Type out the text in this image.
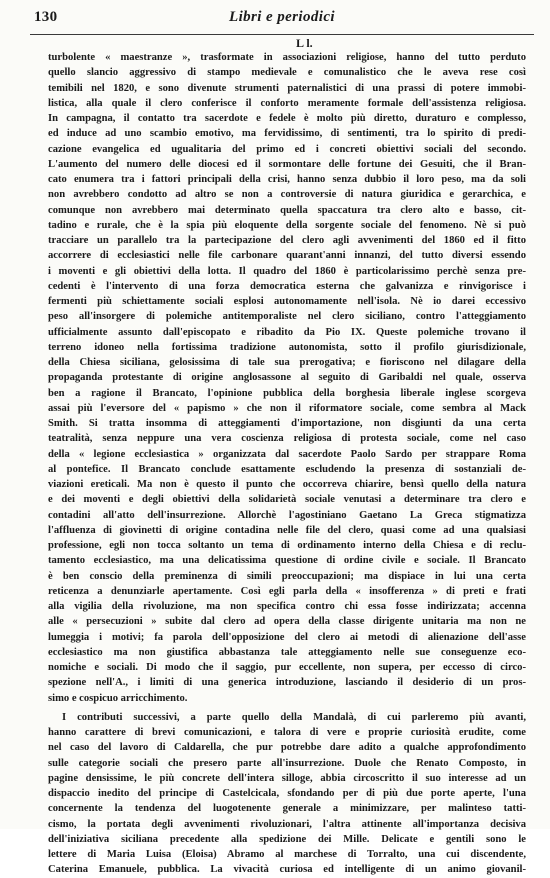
130	Libri e periodici
L l.
turbolente « maestranze », trasformate in associazioni religiose, hanno del tutto perduto
quello slancio aggressivo di stampo medievale e comunalistico che le aveva rese così
temibili nel 1820, e sono divenute strumenti paternalistici di una prassi di potere immobi-
listica, alla quale il clero conferisce il conforto meramente formale dell'assistenza religiosa.
In campagna, il contatto tra sacerdote e fedele è molto più diretto, duraturo e complesso,
ed induce ad uno scambio emotivo, ma fervidissimo, di sentimenti, tra lo spirito di predi-
cazione evangelica ed ugualitaria del primo ed i concreti obiettivi sociali del secondo.
L'aumento del numero delle diocesi ed il sormontare delle fortune dei Gesuiti, che il Bran-
cato enumera tra i fattori principali della crisi, hanno senza dubbio il loro peso, ma da soli
non avrebbero condotto ad altro se non a controversie di natura giuridica e gerarchica, e
comunque non avrebbero mai determinato quella spaccatura tra clero alto e basso, cit-
tadino e rurale, che è la spia più eloquente della sorgente sociale del fenomeno. Nè si può
tracciare un parallelo tra la partecipazione del clero agli avvenimenti del 1860 ed il fitto
accorrere di ecclesiastici nelle file carbonare quarant'anni innanzi, del tutto diversi essendo
i moventi e gli obiettivi della lotta. Il quadro del 1860 è particolarissimo perchè senza pre-
cedenti è l'intervento di una forza democratica esterna che galvanizza e rinvigorisce i
fermenti più schiettamente sociali esplosi autonomamente nell'isola. Nè io darei eccessivo
peso all'insorgere di polemiche antitemporaliste nel clero siciliano, contro l'atteggiamento
ufficialmente assunto dall'episcopato e ribadito da Pio IX. Queste polemiche trovano il
terreno idoneo nella fortissima tradizione autonomista, sotto il profilo giurisdizionale,
della Chiesa siciliana, gelosissima di tale sua prerogativa; e fioriscono nel dilagare della
propaganda protestante di origine anglosassone al seguito di Garibaldi nel quale, osserva
ben a ragione il Brancato, l'opinione pubblica della borghesia liberale inglese scorgeva
assai più l'eversore del « papismo » che non il riformatore sociale, come sembra al Mack
Smith. Si tratta insomma di atteggiamenti d'importazione, non disgiunti da una certa
teatralità, senza neppure una vera coscienza religiosa di protesta sociale, come nel caso
della « legione ecclesiastica » organizzata dal sacerdote Paolo Sardo per strappare Roma
al pontefice. Il Brancato conclude esattamente escludendo la presenza di sostanziali de-
viazioni ereticali. Ma non è questo il punto che occorreva chiarire, bensì quello della natura
e dei moventi e degli obiettivi della solidarietà sociale venutasi a determinare tra clero e
contadini all'atto dell'insurrezione. Allorchè l'agostiniano Gaetano La Greca stigmatizza
l'affluenza di giovinetti di origine contadina nelle file del clero, quasi come ad una qualsiasi
professione, egli non tocca soltanto un tema di ordinamento interno della Chiesa e di reclu-
tamento ecclesiastico, ma una delicatissima questione di ordine civile e sociale. Il Brancato
è ben conscio della preminenza di simili preoccupazioni; ma dispiace in lui una certa
reticenza a denunziarle apertamente. Così egli parla della « insofferenza » di preti e frati
alla vigilia della rivoluzione, ma non specifica contro chi essa fosse indirizzata; accenna
alle « persecuzioni » subite dal clero ad opera della classe dirigente unitaria ma non ne
lumeggia i motivi; fa parola dell'opposizione del clero ai metodi di alienazione dell'asse
ecclesiastico ma non giustifica abbastanza tale atteggiamento nelle sue conseguenze eco-
nomiche e sociali. Di modo che il saggio, pur eccellente, non supera, per eccesso di circo-
spezione nell'A., i limiti di una generica introduzione, lasciando il desiderio di un pros-
simo e cospicuo arricchimento.
I contributi successivi, a parte quello della Mandalà, di cui parleremo più avanti,
hanno carattere di brevi comunicazioni, e talora di vere e proprie curiosità erudite, come
nel caso del lavoro di Caldarella, che pur potrebbe dare adito a qualche approfondimento
sulle categorie sociali che presero parte all'insurrezione. Duole che Renato Composto, in
pagine densissime, le più concrete dell'intera silloge, abbia circoscritto il suo interesse ad un
dispaccio inedito del principe di Castelcicala, sfondando per di più due porte aperte, l'una
concernente la tendenza del luogotenente generale a minimizzare, per malinteso tatti-
cismo, la portata degli avvenimenti rivoluzionari, l'altra attinente all'importanza decisiva
dell'iniziativa siciliana precedente alla spedizione dei Mille. Delicate e gentili sono le
lettere di Maria Luisa (Eloisa) Abramo al marchese di Torralto, una cui discendente,
Caterina Emanuele, pubblica. La vivacità curiosa ed intelligente di un animo giovanil-
